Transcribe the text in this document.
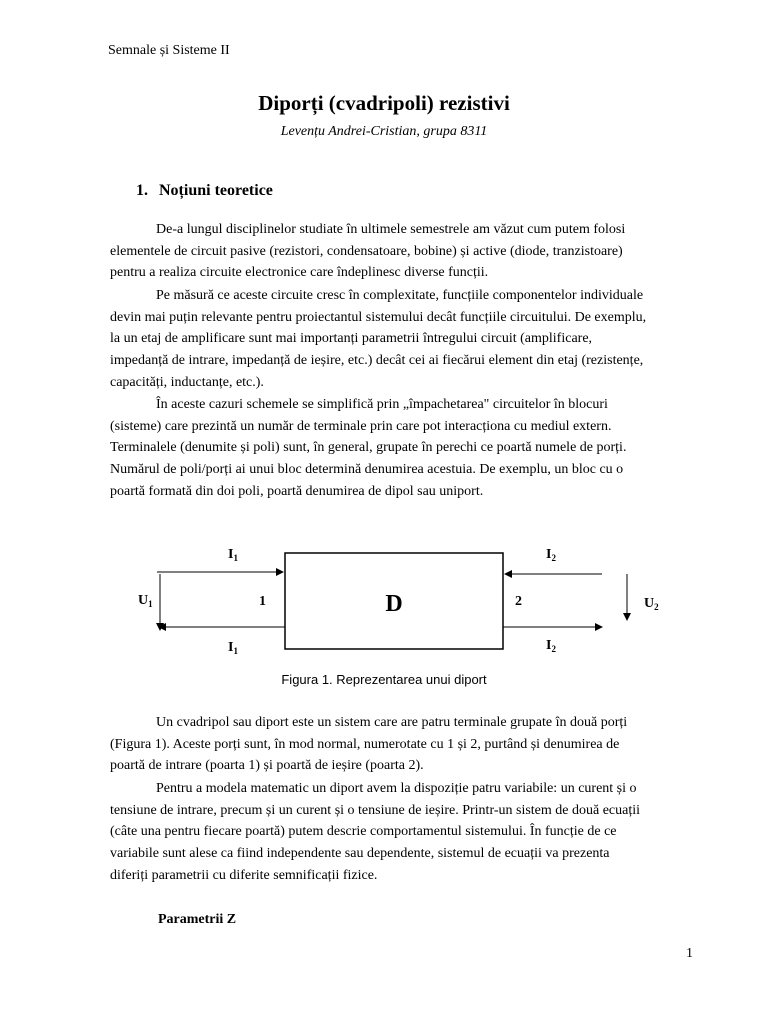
Semnale și Sisteme II
Diporți (cvadripoli) rezistivi
Levențu Andrei-Cristian, grupa 8311
1. Noțiuni teoretice

De-a lungul disciplinelor studiate în ultimele semestrele am văzut cum putem folosi
elementele de circuit pasive (rezistori, condensatoare, bobine) și active (diode, tranzistoare)
pentru a realiza circuite electronice care îndeplinesc diverse funcții.

Pe măsură ce aceste circuite cresc în complexitate, funcțiile componentelor individuale
devin mai puțin relevante pentru proiectantul sistemului decât funcțiile circuitului. De exemplu,
la un etaj de amplificare sunt mai importanți parametrii întregului circuit (amplificare,
impedanță de intrare, impedanță de ieșire, etc.) decât cei ai fiecărui element din etaj (rezistențe,
capacități, inductanțe, etc.).

În aceste cazuri schemele se simplifică prin „împachetarea" circuitelor în blocuri
(sisteme) care prezintă un număr de terminale prin care pot interacționa cu mediul extern.
Terminalele (denumite și poli) sunt, în general, grupate în perechi ce poartă numele de porți.
Numărul de poli/porți ai unui bloc determină denumirea acestuia. De exemplu, un bloc cu o
poartă formată din doi poli, poartă denumirea de dipol sau uniport.

D
$I_1$
$I_1$
$U_1$	1
$I_2$
$I_2$
$U_2$
2
Figura 1. Reprezentarea unui diport

Un cvadripol sau diport este un sistem care are patru terminale grupate în două porți
(Figura 1). Aceste porți sunt, în mod normal, numerotate cu 1 și 2, purtând și denumirea de
poartă de intrare (poarta 1) și poartă de ieșire (poarta 2).

Pentru a modela matematic un diport avem la dispoziție patru variabile: un curent și o
tensiune de intrare, precum și un curent și o tensiune de ieșire. Printr-un sistem de două ecuații
(câte una pentru fiecare poartă) putem descrie comportamentul sistemului. În funcție de ce
variabile sunt alese ca fiind independente sau dependente, sistemul de ecuații va prezenta
diferiți parametrii cu diferite semnificații fizice.

Parametrii Z
1
